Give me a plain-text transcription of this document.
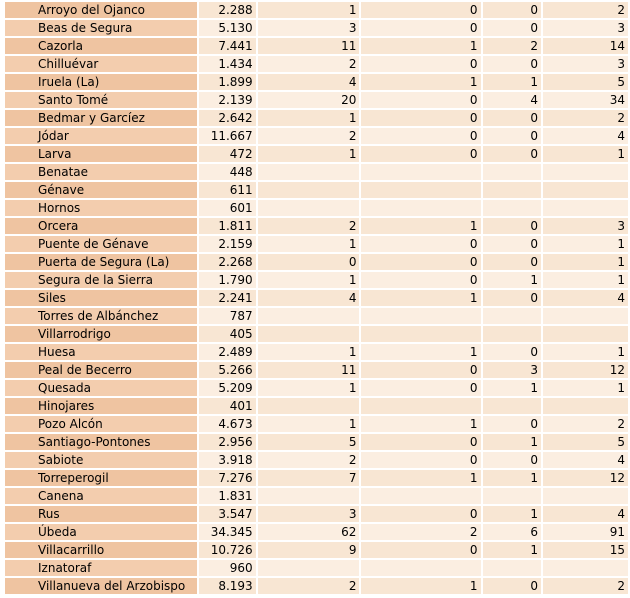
Arroyo del Ojanco	2.288	1	0	0	2
Beas de Segura	5.130	3	0	0	3
Cazorla	7.441	11	1	2	14
Chilluévar	1.434	2	0	0	3
Iruela (La)	1.899	4	1	1	5
Santo Tomé	2.139	20	0	4	34
Bedmar y Garcíez	2.642	1	0	0	2
Jódar	11.667	2	0	0	4
Larva	472	1	0	0	1
Benatae	448				
Génave	611				
Hornos	601				
Orcera	1.811	2	1	0	3
Puente de Génave	2.159	1	0	0	1
Puerta de Segura (La)	2.268	0	0	0	1
Segura de la Sierra	1.790	1	0	1	1
Siles	2.241	4	1	0	4
Torres de Albánchez	787				
Villarrodrigo	405				
Huesa	2.489	1	1	0	1
Peal de Becerro	5.266	11	0	3	12
Quesada	5.209	1	0	1	1
Hinojares	401				
Pozo Alcón	4.673	1	1	0	2
Santiago-Pontones	2.956	5	0	1	5
Sabiote	3.918	2	0	0	4
Torreperogil	7.276	7	1	1	12
Canena	1.831				
Rus	3.547	3	0	1	4
Úbeda	34.345	62	2	6	91
Villacarrillo	10.726	9	0	1	15
Iznatoraf	960				
Villanueva del Arzobispo	8.193	2	1	0	2
